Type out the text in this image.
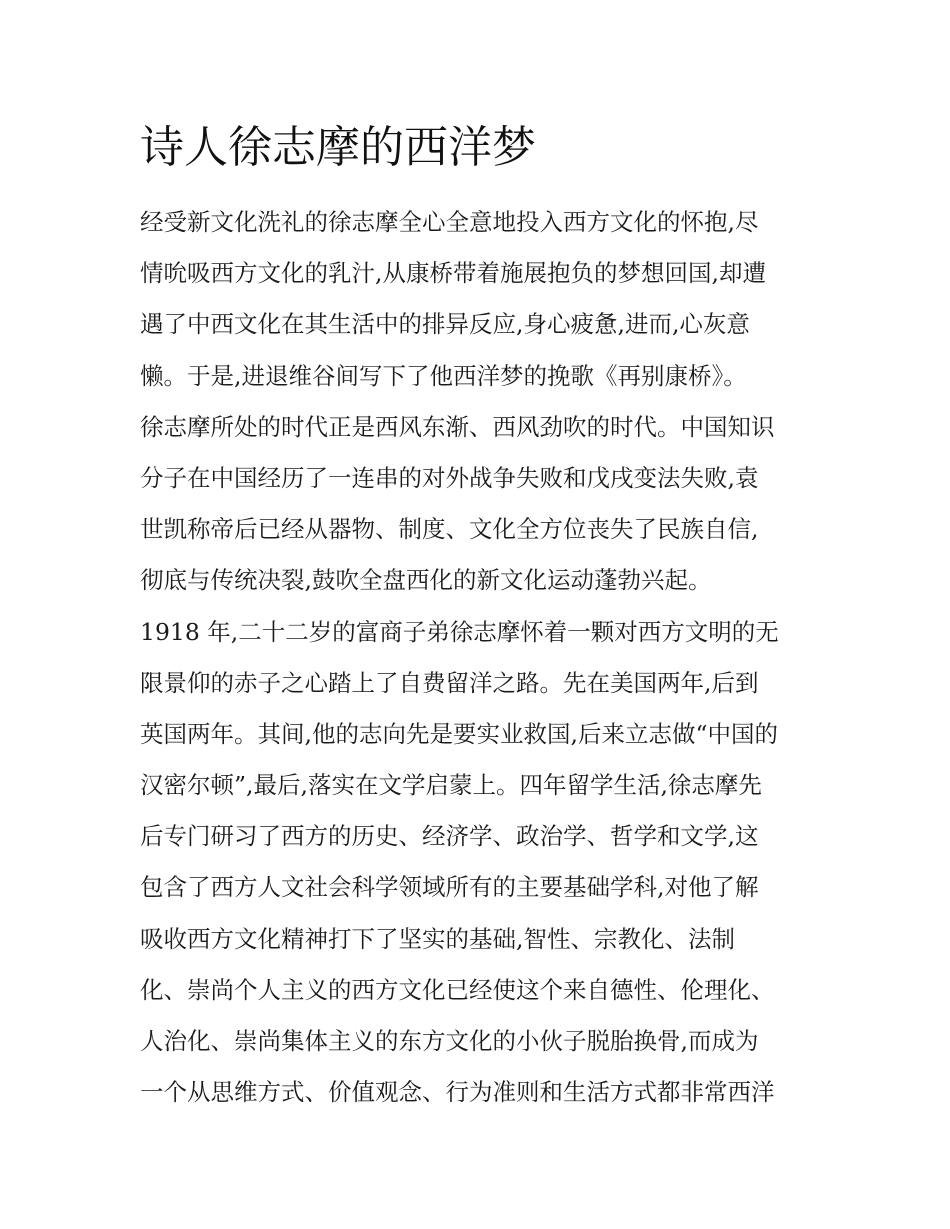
诗人徐志摩的西洋梦
经受新文化洗礼的徐志摩全心全意地投入西方文化的怀抱,尽
情吮吸西方文化的乳汁,从康桥带着施展抱负的梦想回国,却遭
遇了中西文化在其生活中的排异反应,身心疲惫,进而,心灰意
懒。于是,进退维谷间写下了他西洋梦的挽歌《再别康桥》。
徐志摩所处的时代正是西风东渐、西风劲吹的时代。中国知识
分子在中国经历了一连串的对外战争失败和戊戌变法失败,袁
世凯称帝后已经从器物、制度、文化全方位丧失了民族自信,
彻底与传统决裂,鼓吹全盘西化的新文化运动蓬勃兴起。
1918 年,二十二岁的富商子弟徐志摩怀着一颗对西方文明的无
限景仰的赤子之心踏上了自费留洋之路。先在美国两年,后到
英国两年。其间,他的志向先是要实业救国,后来立志做“中国的
汉密尔顿”,最后,落实在文学启蒙上。四年留学生活,徐志摩先
后专门研习了西方的历史、经济学、政治学、哲学和文学,这
包含了西方人文社会科学领域所有的主要基础学科,对他了解
吸收西方文化精神打下了坚实的基础,智性、宗教化、法制
化、崇尚个人主义的西方文化已经使这个来自德性、伦理化、
人治化、崇尚集体主义的东方文化的小伙子脱胎换骨,而成为
一个从思维方式、价值观念、行为准则和生活方式都非常西洋
